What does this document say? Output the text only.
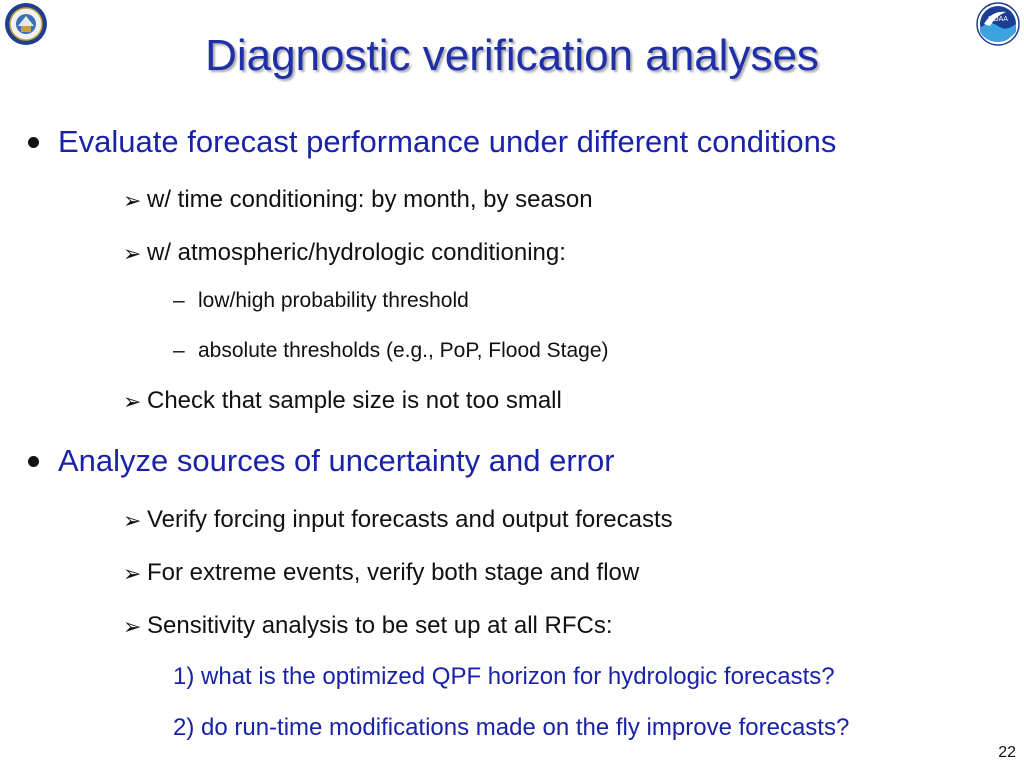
NOAA
Diagnostic verification analyses
Evaluate forecast performance under different conditions
➢ w/ time conditioning: by month, by season
➢ w/ atmospheric/hydrologic conditioning:
– low/high probability threshold
– absolute thresholds (e.g., PoP, Flood Stage)
➢ Check that sample size is not too small
Analyze sources of uncertainty and error
➢ Verify forcing input forecasts and output forecasts
➢ For extreme events, verify both stage and flow
➢ Sensitivity analysis to be set up at all RFCs:
1) what is the optimized QPF horizon for hydrologic forecasts?
2) do run-time modifications made on the fly improve forecasts?
22
